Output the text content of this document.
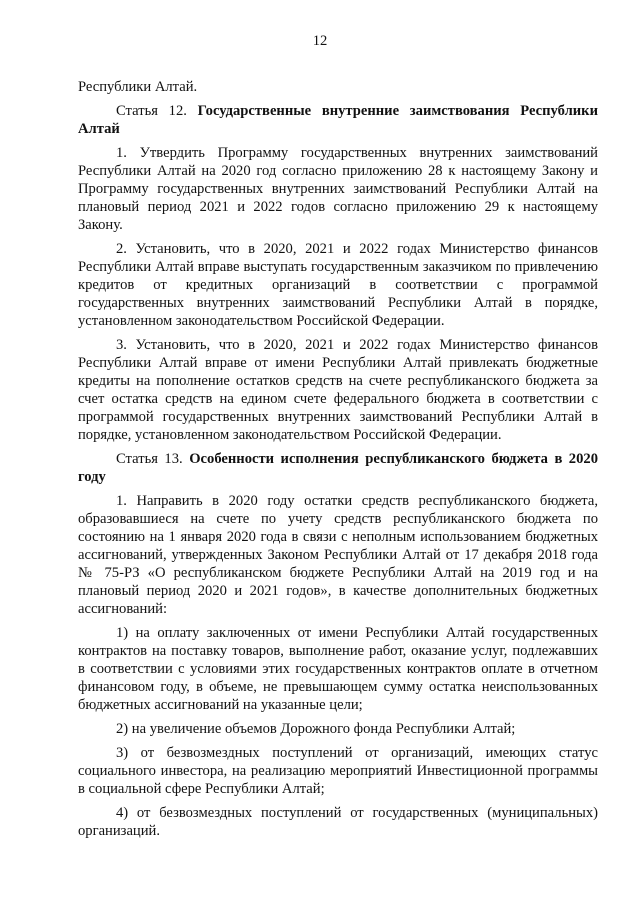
12

Республики Алтай.

Статья 12. Государственные внутренние заимствования Республики Алтай

1. Утвердить Программу государственных внутренних заимствований Республики Алтай на 2020 год согласно приложению 28 к настоящему Закону и Программу государственных внутренних заимствований Республики Алтай на плановый период 2021 и 2022 годов согласно приложению 29 к настоящему Закону.

2. Установить, что в 2020, 2021 и 2022 годах Министерство финансов Республики Алтай вправе выступать государственным заказчиком по привлечению кредитов от кредитных организаций в соответствии с программой государственных внутренних заимствований Республики Алтай в порядке, установленном законодательством Российской Федерации.

3. Установить, что в 2020, 2021 и 2022 годах Министерство финансов Республики Алтай вправе от имени Республики Алтай привлекать бюджетные кредиты на пополнение остатков средств на счете республиканского бюджета за счет остатка средств на едином счете федерального бюджета в соответствии с программой государственных внутренних заимствований Республики Алтай в порядке, установленном законодательством Российской Федерации.

Статья 13. Особенности исполнения республиканского бюджета в 2020 году

1. Направить в 2020 году остатки средств республиканского бюджета, образовавшиеся на счете по учету средств республиканского бюджета по состоянию на 1 января 2020 года в связи с неполным использованием бюджетных ассигнований, утвержденных Законом Республики Алтай от 17 декабря 2018 года № 75-РЗ «О республиканском бюджете Республики Алтай на 2019 год и на плановый период 2020 и 2021 годов», в качестве дополнительных бюджетных ассигнований:

1) на оплату заключенных от имени Республики Алтай государственных контрактов на поставку товаров, выполнение работ, оказание услуг, подлежавших в соответствии с условиями этих государственных контрактов оплате в отчетном финансовом году, в объеме, не превышающем сумму остатка неиспользованных бюджетных ассигнований на указанные цели;

2) на увеличение объемов Дорожного фонда Республики Алтай;

3) от безвозмездных поступлений от организаций, имеющих статус социального инвестора, на реализацию мероприятий Инвестиционной программы в социальной сфере Республики Алтай;

4) от безвозмездных поступлений от государственных (муниципальных) организаций.
